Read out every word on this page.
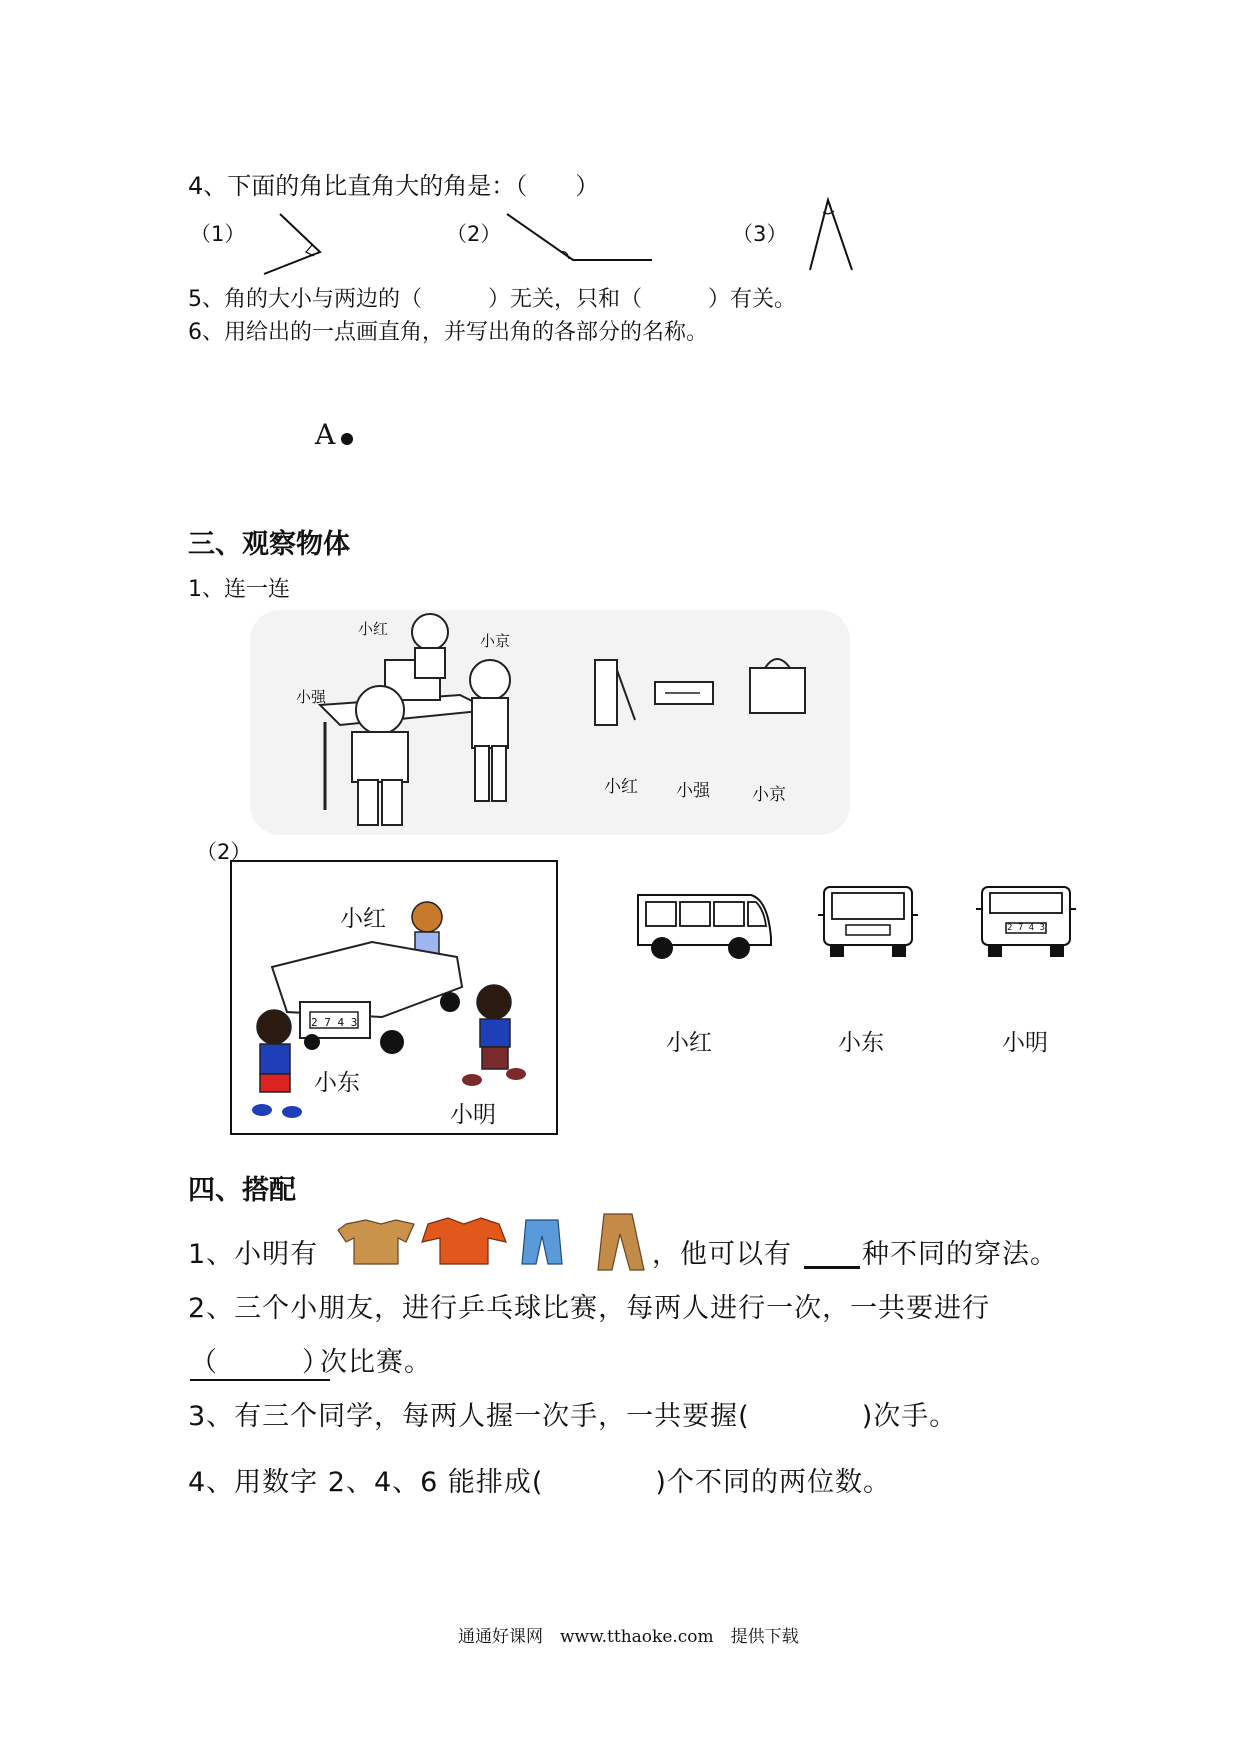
4、下面的角比直角大的角是：（　　）
（1）	（2）	（3）
5、角的大小与两边的（　　　）无关，只和（　　　）有关。
6、用给出的一点画直角，并写出角的各部分的名称。
A
三、观察物体
1、连一连
小红
小京
小强
小红 小强 小京
（2）
2 7 4 3
小红
小东
小明
2 7 4 3
小红	小东	小明
四、搭配
1、小明有	，他可以有	种不同的穿法。
2、三个小朋友，进行乒乓球比赛，每两人进行一次，一共要进行
（　　　）
次比赛。
3、有三个同学，每两人握一次手，一共要握(　　　　)次手。
4、用数字 2、4、6 能排成(　　　　)个不同的两位数。
通通好课网　www.tthaoke.com　提供下载
